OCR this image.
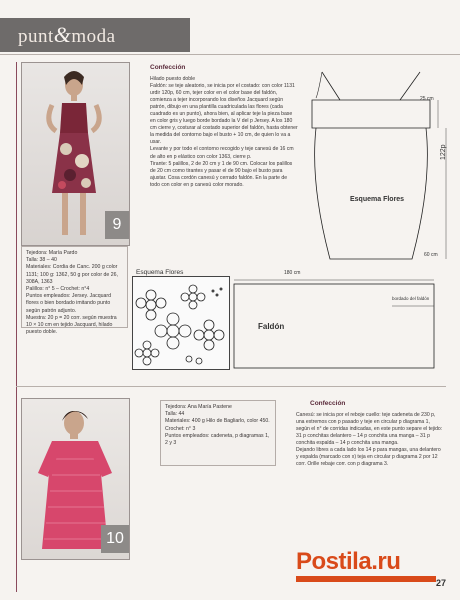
punt&moda
9

Tejedora: María Pardo

Talla: 38 – 40

Materiales: Cordia de Canc. 200 g color 1131; 100 g: 1362, 50 g por color de 26, 308A, 1363

Palillos: n° 5 – Crochet: n°4

Puntos empleados: Jersey. Jacquard flores o bien bordado imitando punto según patrón adjunto.

Muestra: 20 p = 20 corr. según muestra 10 × 10 cm en tejido Jacquard, hilado puesto doble.

Confección

Hilado puesto doble

Faldón: se teje aleatorio, se inicia por el costado: con color 1131 urdir 120p, 60 cm, tejer color en el color base del faldón, comienza a tejer incorporando los diseños Jacquard según patrón, dibujo en una plantilla cuadriculada las flores (cada cuadrado es un punto), ahora bien, al aplicar teje la pieza base en color gris y luego borde bordado la V del p Jersey. A los 180 cm cierre y, costurar al costado superior del faldón, hasta obtener la medida del contorno bajo el busto + 10 cm, de quien lo va a usar.

Levante y por todo el contorno recogido y teje canesú de 16 cm de alto en p elástico con color 1363, cierre p.

Tirante: 5 palillos, 2 de 20 cm y 1 de 90 cm. Colocar los palillos de 20 cm como tirantes y pasar el de 90 bajo el busto para ajustar. Cosa cordón canesú y cerrado faldón. En la parte de todo con color en p canesú color morado.

25 cm
122p
60 cm
Esquema Flores
Esquema Flores	180 cm
Faldón
bordado del faldón
10

Tejedora: Ana María Pastene

Talla: 44

Materiales: 400 g Hilo de Bagliarlo, color 450.

Crochet: n° 3

Puntos empleados: cadeneta, p diagramas 1, 2 y 3

Confección

Canesú: se inicia por el reboje cuello: teje cadeneta de 230 p, una extremos con p pasado y teje en circular p diagrama 1, según el n° de corridas indicadas, en este punto separe el tejido: 31 p conchitas delantero – 14 p conchita una manga – 31 p conchita espalda – 14 p conchita una manga.

Dejando libres a cada lado los 14 p para mangas, una delantero y espalda (marcado con x) teja en circular p diagrama 2 por 12 corr. Orille rebaje corr. con p diagrama 3.

Postila.ru
27
